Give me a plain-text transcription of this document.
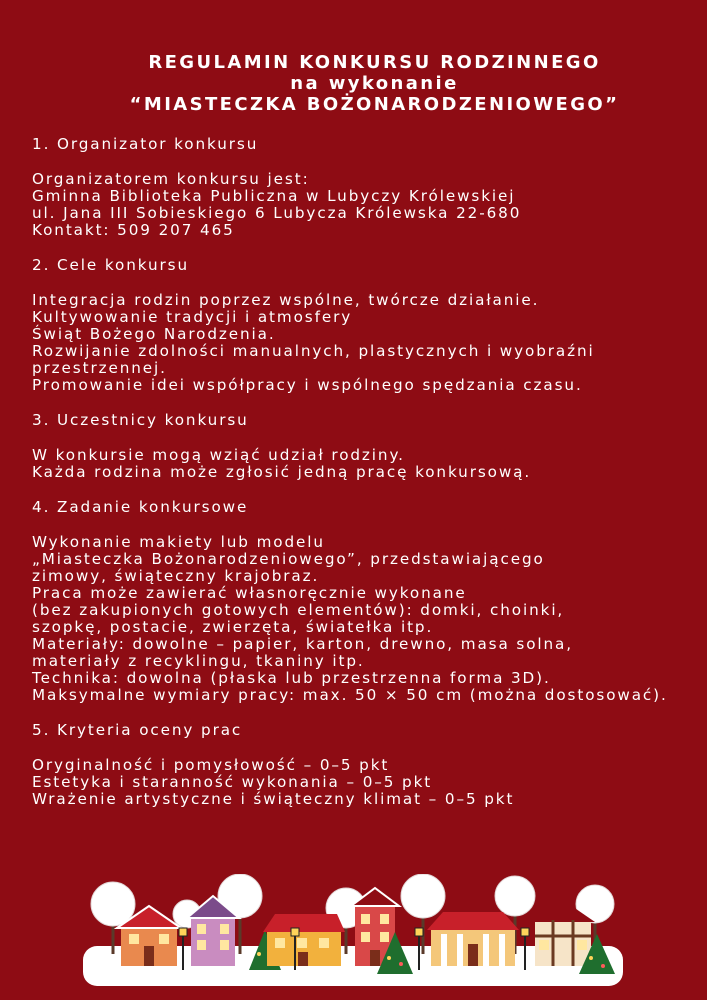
REGULAMIN KONKURSU RODZINNEGO
na wykonanie
“MIASTECZKA BOŻONARODZENIOWEGO”
1. Organizator konkursu
Organizatorem konkursu jest:
Gminna Biblioteka Publiczna w Lubyczy Królewskiej
ul. Jana III Sobieskiego 6 Lubycza Królewska 22-680
Kontakt: 509 207 465
2. Cele konkursu
Integracja rodzin poprzez wspólne, twórcze działanie.
Kultywowanie tradycji i atmosfery
Świąt Bożego Narodzenia.
Rozwijanie zdolności manualnych, plastycznych i wyobraźni przestrzennej.
Promowanie idei współpracy i wspólnego spędzania czasu.
3. Uczestnicy konkursu
W konkursie mogą wziąć udział rodziny.
Każda rodzina może zgłosić jedną pracę konkursową.
4. Zadanie konkursowe
Wykonanie makiety lub modelu
„Miasteczka Bożonarodzeniowego”, przedstawiającego
zimowy, świąteczny krajobraz.
Praca może zawierać własnoręcznie wykonane
(bez zakupionych gotowych elementów): domki, choinki,
szopkę, postacie, zwierzęta, światełka itp.
Materiały: dowolne – papier, karton, drewno, masa solna,
materiały z recyklingu, tkaniny itp.
Technika: dowolna (płaska lub przestrzenna forma 3D).
Maksymalne wymiary pracy: max. 50 × 50 cm (można dostosować).
5. Kryteria oceny prac
Oryginalność i pomysłowość – 0–5 pkt
Estetyka i staranność wykonania – 0–5 pkt
Wrażenie artystyczne i świąteczny klimat – 0–5 pkt
